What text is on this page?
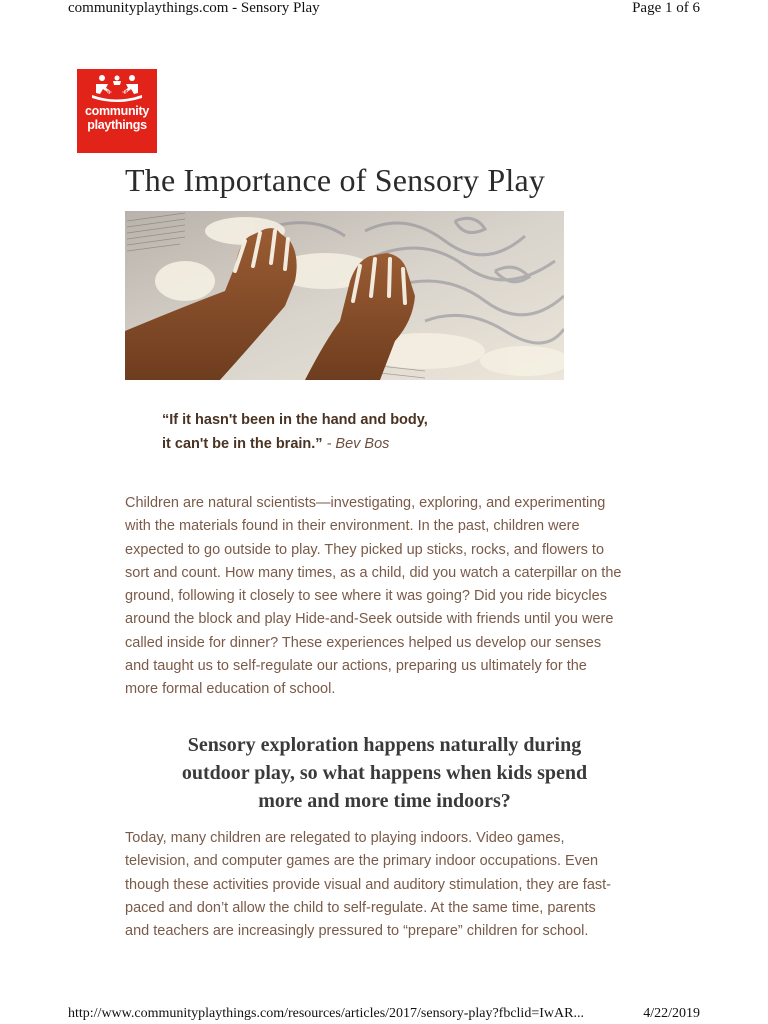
communityplaythings.com - Sensory Play	Page 1 of 6
community
community
playthings
The Importance of Sensory Play
“If it hasn't been in the hand and body,
it can't be in the brain.” - Bev Bos
Children are natural scientists—investigating, exploring, and experimenting
with the materials found in their environment. In the past, children were
expected to go outside to play. They picked up sticks, rocks, and flowers to
sort and count. How many times, as a child, did you watch a caterpillar on the
ground, following it closely to see where it was going? Did you ride bicycles
around the block and play Hide-and-Seek outside with friends until you were
called inside for dinner? These experiences helped us develop our senses
and taught us to self-regulate our actions, preparing us ultimately for the
more formal education of school.
Sensory exploration happens naturally during
outdoor play, so what happens when kids spend
more and more time indoors?
Today, many children are relegated to playing indoors. Video games,
television, and computer games are the primary indoor occupations. Even
though these activities provide visual and auditory stimulation, they are fast-
paced and don’t allow the child to self-regulate. At the same time, parents
and teachers are increasingly pressured to “prepare” children for school.
http://www.communityplaythings.com/resources/articles/2017/sensory-play?fbclid=IwAR...	4/22/2019
